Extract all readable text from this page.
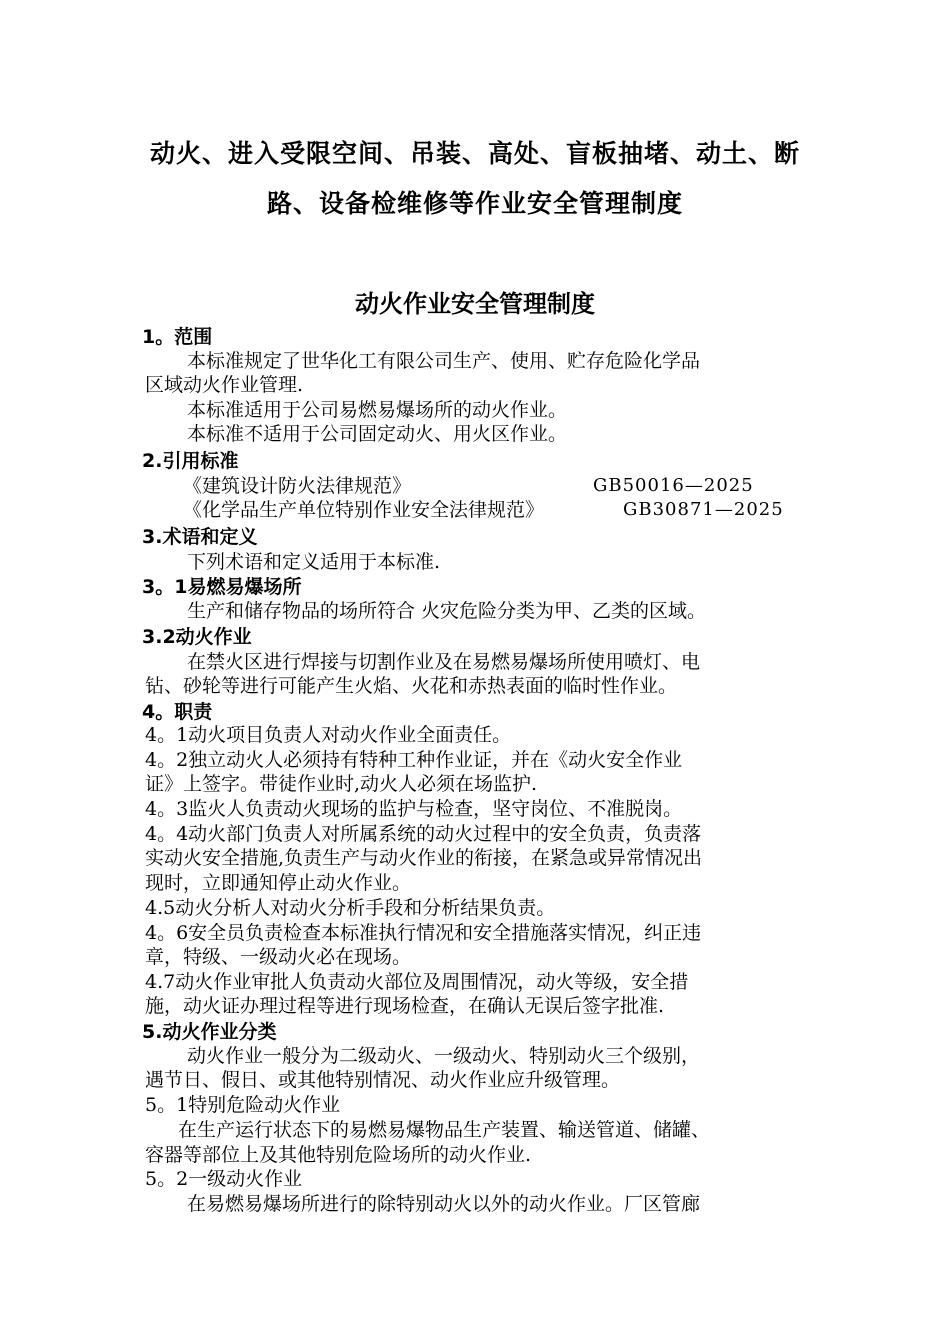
动火、进入受限空间、吊装、高处、盲板抽堵、动土、断
路、设备检维修等作业安全管理制度
动火作业安全管理制度
1。范围
本标准规定了世华化工有限公司生产、使用、贮存危险化学品
区域动火作业管理.
本标准适用于公司易燃易爆场所的动火作业。
本标准不适用于公司固定动火、用火区作业。
2.引用标准
《建筑设计防火法律规范》	GB50016—2025
《化学品生产单位特别作业安全法律规范》	GB30871—2025
3.术语和定义
下列术语和定义适用于本标准.
3。1易燃易爆场所
生产和储存物品的场所符合 火灾危险分类为甲、乙类的区域。
3.2动火作业
在禁火区进行焊接与切割作业及在易燃易爆场所使用喷灯、电
钻、砂轮等进行可能产生火焰、火花和赤热表面的临时性作业。
4。职责
4。1动火项目负责人对动火作业全面责任。
4。2独立动火人必须持有特种工种作业证，并在《动火安全作业
证》上签字。带徒作业时,动火人必须在场监护.
4。3监火人负责动火现场的监护与检查，坚守岗位、不准脱岗。
4。4动火部门负责人对所属系统的动火过程中的安全负责，负责落
实动火安全措施,负责生产与动火作业的衔接，在紧急或异常情况出
现时，立即通知停止动火作业。
4.5动火分析人对动火分析手段和分析结果负责。
4。6安全员负责检查本标准执行情况和安全措施落实情况，纠正违
章，特级、一级动火必在现场。
4.7动火作业审批人负责动火部位及周围情况，动火等级，安全措
施，动火证办理过程等进行现场检查，在确认无误后签字批准.
5.动火作业分类
动火作业一般分为二级动火、一级动火、特别动火三个级别，
遇节日、假日、或其他特别情况、动火作业应升级管理。
5。1特别危险动火作业
在生产运行状态下的易燃易爆物品生产装置、输送管道、储罐、
容器等部位上及其他特别危险场所的动火作业.
5。2一级动火作业
在易燃易爆场所进行的除特别动火以外的动火作业。厂区管廊
